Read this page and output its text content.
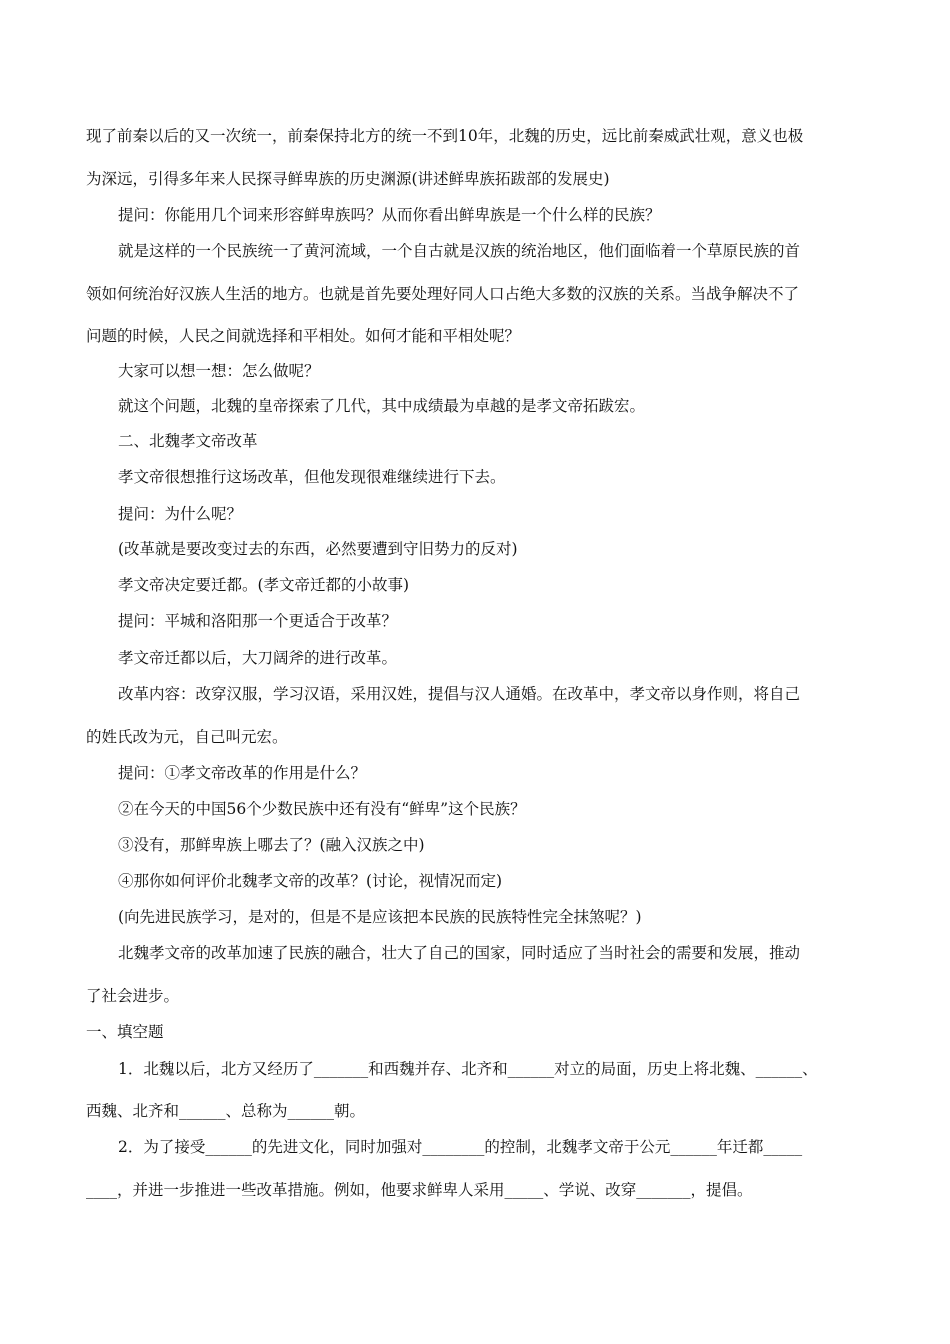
现了前秦以后的又一次统一，前秦保持北方的统一不到10年，北魏的历史，远比前秦威武壮观，意义也极
为深远，引得多年来人民探寻鲜卑族的历史渊源(讲述鲜卑族拓跋部的发展史)
提问：你能用几个词来形容鲜卑族吗？从而你看出鲜卑族是一个什么样的民族？
就是这样的一个民族统一了黄河流域，一个自古就是汉族的统治地区，他们面临着一个草原民族的首
领如何统治好汉族人生活的地方。也就是首先要处理好同人口占绝大多数的汉族的关系。当战争解决不了
问题的时候，人民之间就选择和平相处。如何才能和平相处呢？
大家可以想一想：怎么做呢？
就这个问题，北魏的皇帝探索了几代，其中成绩最为卓越的是孝文帝拓跋宏。
二、北魏孝文帝改革
孝文帝很想推行这场改革，但他发现很难继续进行下去。
提问：为什么呢？
(改革就是要改变过去的东西，必然要遭到守旧势力的反对)
孝文帝决定要迁都。(孝文帝迁都的小故事)
提问：平城和洛阳那一个更适合于改革？
孝文帝迁都以后，大刀阔斧的进行改革。
改革内容：改穿汉服，学习汉语，采用汉姓，提倡与汉人通婚。在改革中，孝文帝以身作则，将自己
的姓氏改为元，自己叫元宏。
提问：①孝文帝改革的作用是什么？
②在今天的中国56个少数民族中还有没有“鲜卑”这个民族？
③没有，那鲜卑族上哪去了？(融入汉族之中)
④那你如何评价北魏孝文帝的改革？(讨论，视情况而定)
(向先进民族学习，是对的，但是不是应该把本民族的民族特性完全抹煞呢？)
北魏孝文帝的改革加速了民族的融合，壮大了自己的国家，同时适应了当时社会的需要和发展，推动
了社会进步。
一、填空题
1．北魏以后，北方又经历了_______和西魏并存、北齐和______对立的局面，历史上将北魏、______、
西魏、北齐和______、总称为______朝。
2．为了接受______的先进文化，同时加强对________的控制，北魏孝文帝于公元______年迁都_____
____，并进一步推进一些改革措施。例如，他要求鲜卑人采用_____、学说、改穿_______，提倡。
